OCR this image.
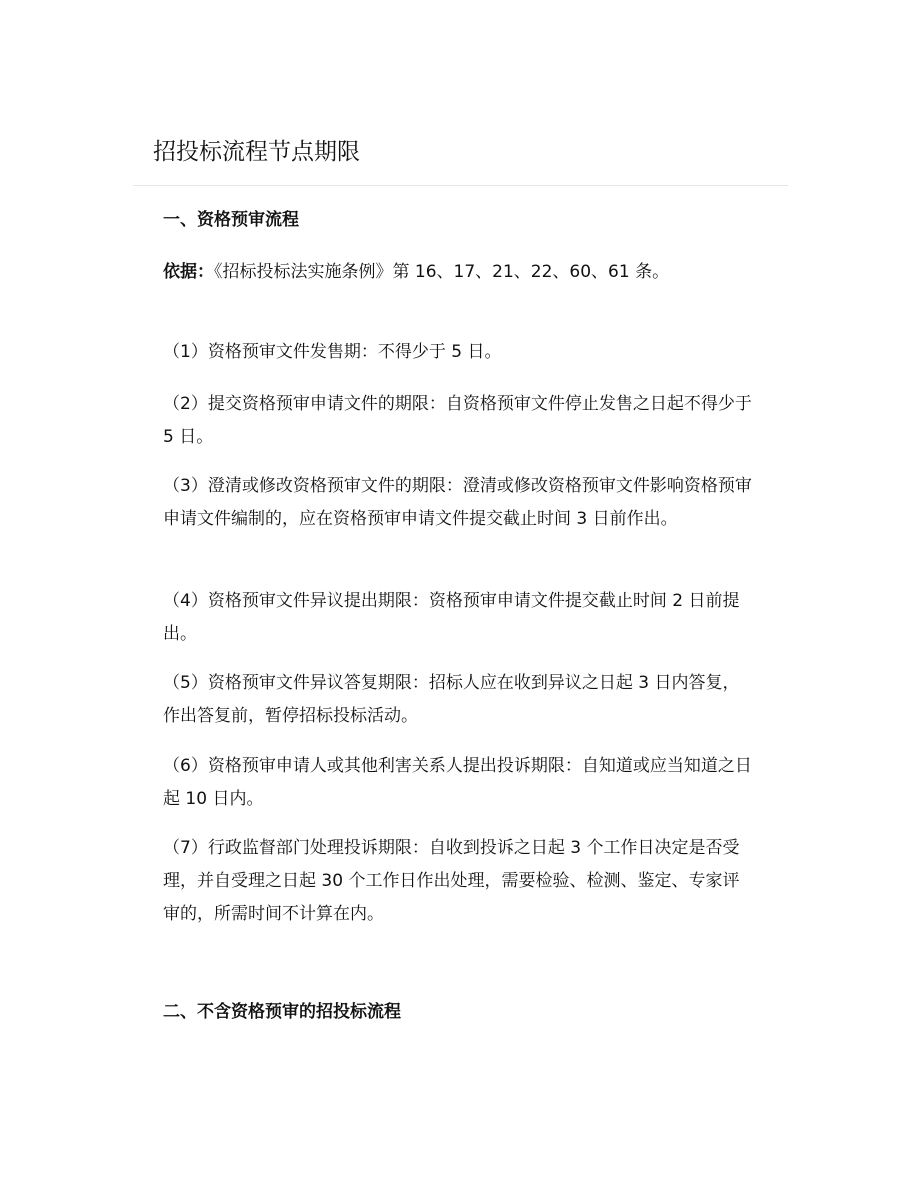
招投标流程节点期限
一、资格预审流程

依据：《招标投标法实施条例》第 16、17、21、22、60、61 条。

（1）资格预审文件发售期：不得少于 5 日。

（2）提交资格预审申请文件的期限：自资格预审文件停止发售之日起不得少于 5 日。

（3）澄清或修改资格预审文件的期限：澄清或修改资格预审文件影响资格预审申请文件编制的，应在资格预审申请文件提交截止时间 3 日前作出。

（4）资格预审文件异议提出期限：资格预审申请文件提交截止时间 2 日前提出。

（5）资格预审文件异议答复期限：招标人应在收到异议之日起 3 日内答复，作出答复前，暂停招标投标活动。

（6）资格预审申请人或其他利害关系人提出投诉期限：自知道或应当知道之日起 10 日内。

（7）行政监督部门处理投诉期限：自收到投诉之日起 3 个工作日决定是否受理，并自受理之日起 30 个工作日作出处理，需要检验、检测、鉴定、专家评审的，所需时间不计算在内。

二、不含资格预审的招投标流程
